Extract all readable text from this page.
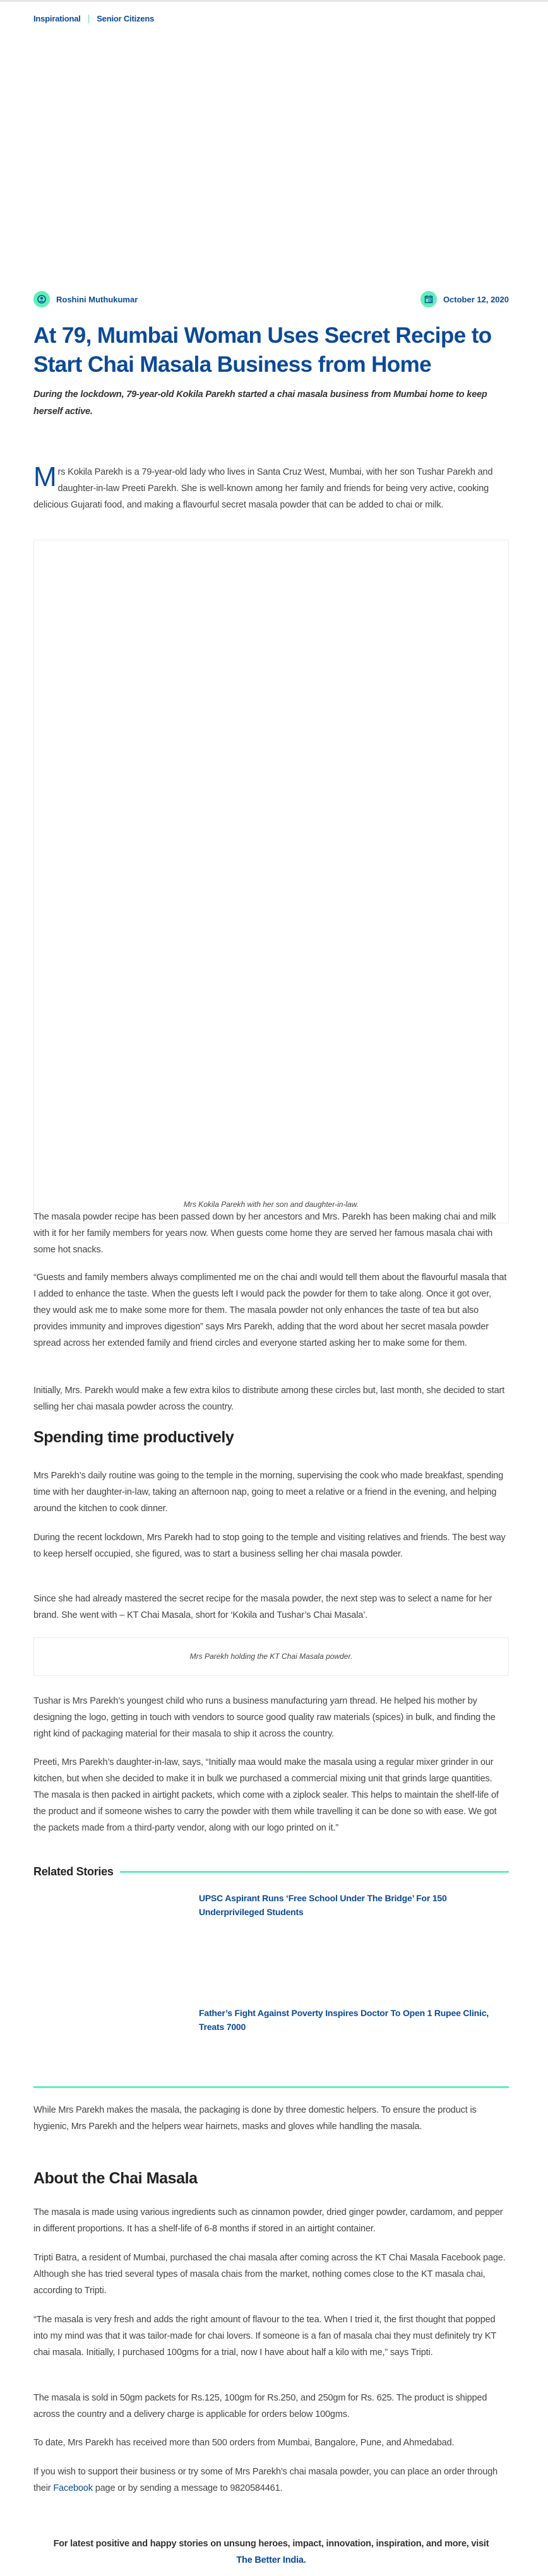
Inspirational Senior Citizens
Roshini Muthukumar	October 12, 2020
At 79, Mumbai Woman Uses Secret Recipe to Start Chai Masala Business from Home

During the lockdown, 79-year-old Kokila Parekh started a chai masala business from Mumbai home to keep herself active.

Mrs Kokila Parekh is a 79-year-old lady who lives in Santa Cruz West, Mumbai, with her son Tushar Parekh and daughter-in-law Preeti Parekh. She is well-known among her family and friends for being very active, cooking delicious Gujarati food, and making a flavourful secret masala powder that can be added to chai or milk.

Mrs Kokila Parekh with her son and daughter-in-law.

The masala powder recipe has been passed down by her ancestors and Mrs. Parekh has been making chai and milk with it for her family members for years now. When guests come home they are served her famous masala chai with some hot snacks.

“Guests and family members always complimented me on the chai andI would tell them about the flavourful masala that I added to enhance the taste. When the guests left I would pack the powder for them to take along. Once it got over, they would ask me to make some more for them. The masala powder not only enhances the taste of tea but also provides immunity and improves digestion” says Mrs Parekh, adding that the word about her secret masala powder spread across her extended family and friend circles and everyone started asking her to make some for them.

Initially, Mrs. Parekh would make a few extra kilos to distribute among these circles but, last month, she decided to start selling her chai masala powder across the country.

Spending time productively

Mrs Parekh’s daily routine was going to the temple in the morning, supervising the cook who made breakfast, spending time with her daughter-in-law, taking an afternoon nap, going to meet a relative or a friend in the evening, and helping around the kitchen to cook dinner.

During the recent lockdown, Mrs Parekh had to stop going to the temple and visiting relatives and friends. The best way to keep herself occupied, she figured, was to start a business selling her chai masala powder.

Since she had already mastered the secret recipe for the masala powder, the next step was to select a name for her brand. She went with – KT Chai Masala, short for ‘Kokila and Tushar’s Chai Masala’.

Mrs Parekh holding the KT Chai Masala powder.

Tushar is Mrs Parekh’s youngest child who runs a business manufacturing yarn thread. He helped his mother by designing the logo, getting in touch with vendors to source good quality raw materials (spices) in bulk, and finding the right kind of packaging material for their masala to ship it across the country.

Preeti, Mrs Parekh’s daughter-in-law, says, “Initially maa would make the masala using a regular mixer grinder in our kitchen, but when she decided to make it in bulk we purchased a commercial mixing unit that grinds large quantities. The masala is then packed in airtight packets, which come with a ziplock sealer. This helps to maintain the shelf-life of the product and if someone wishes to carry the powder with them while travelling it can be done so with ease. We got the packets made from a third-party vendor, along with our logo printed on it.”

Related Stories
UPSC Aspirant Runs ‘Free School Under The Bridge’ For 150 Underprivileged Students
Father’s Fight Against Poverty Inspires Doctor To Open 1 Rupee Clinic, Treats 7000

While Mrs Parekh makes the masala, the packaging is done by three domestic helpers. To ensure the product is hygienic, Mrs Parekh and the helpers wear hairnets, masks and gloves while handling the masala.

About the Chai Masala

The masala is made using various ingredients such as cinnamon powder, dried ginger powder, cardamom, and pepper in different proportions. It has a shelf-life of 6-8 months if stored in an airtight container.

Tripti Batra, a resident of Mumbai, purchased the chai masala after coming across the KT Chai Masala Facebook page. Although she has tried several types of masala chais from the market, nothing comes close to the KT masala chai, according to Tripti.

“The masala is very fresh and adds the right amount of flavour to the tea. When I tried it, the first thought that popped into my mind was that it was tailor-made for chai lovers. If someone is a fan of masala chai they must definitely try KT chai masala. Initially, I purchased 100gms for a trial, now I have about half a kilo with me,” says Tripti.

The masala is sold in 50gm packets for Rs.125, 100gm for Rs.250, and 250gm for Rs. 625. The product is shipped across the country and a delivery charge is applicable for orders below 100gms.

To date, Mrs Parekh has received more than 500 orders from Mumbai, Bangalore, Pune, and Ahmedabad.

If you wish to support their business or try some of Mrs Parekh’s chai masala powder, you can place an order through their Facebook page or by sending a message to 9820584461.

For latest positive and happy stories on unsung heroes, impact, innovation, inspiration, and more, visit The Better India.
